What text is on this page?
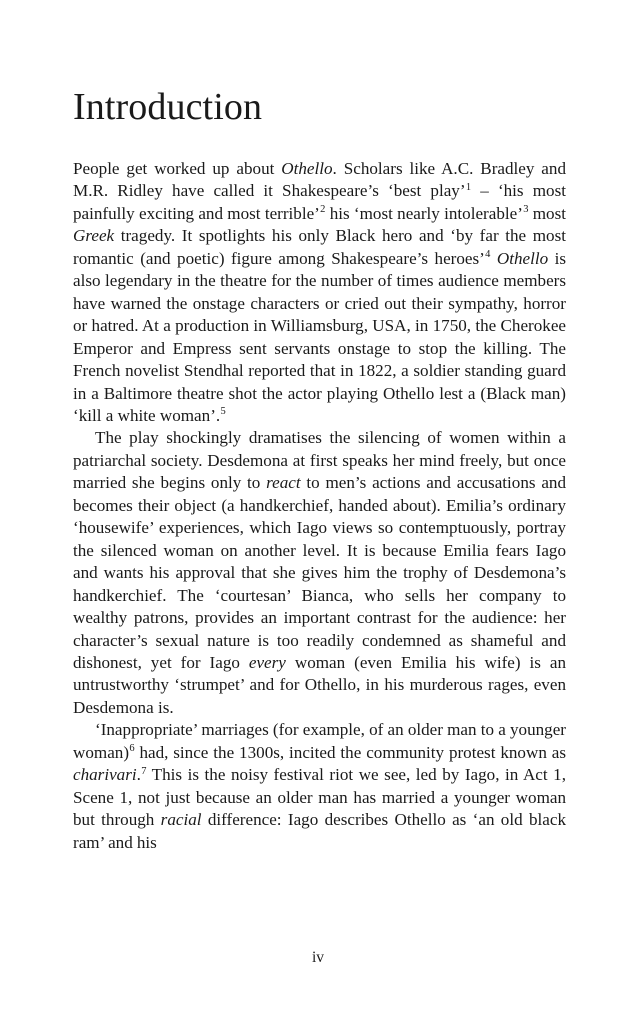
Introduction

People get worked up about Othello. Scholars like A.C. Bradley and M.R. Ridley have called it Shakespeare’s ‘best play’$^1$ – ‘his most painfully exciting and most terrible’$^2$ his ‘most nearly intolerable’$^3$ most Greek tragedy. It spotlights his only Black hero and ‘by far the most romantic (and poetic) figure among Shakespeare’s heroes’$^4$ Othello is also legendary in the theatre for the number of times audience members have warned the onstage characters or cried out their sympathy, horror or hatred. At a production in Williamsburg, USA, in 1750, the Cherokee Emperor and Empress sent servants onstage to stop the killing. The French novelist Stendhal reported that in 1822, a soldier standing guard in a Baltimore theatre shot the actor playing Othello lest a (Black man) ‘kill a white woman’.$^5$

The play shockingly dramatises the silencing of women within a patriarchal society. Desdemona at first speaks her mind freely, but once married she begins only to react to men’s actions and accusations and becomes their object (a handkerchief, handed about). Emilia’s ordinary ‘housewife’ experiences, which Iago views so contemptuously, portray the silenced woman on another level. It is because Emilia fears Iago and wants his approval that she gives him the trophy of Desdemona’s handkerchief. The ‘courtesan’ Bianca, who sells her company to wealthy patrons, provides an important contrast for the audience: her character’s sexual nature is too readily condemned as shameful and dishonest, yet for Iago every woman (even Emilia his wife) is an untrustworthy ‘strumpet’ and for Othello, in his murderous rages, even Desdemona is.

‘Inappropriate’ marriages (for example, of an older man to a younger woman)$^6$ had, since the 1300s, incited the community protest known as charivari.$^7$ This is the noisy festival riot we see, led by Iago, in Act 1, Scene 1, not just because an older man has married a younger woman but through racial difference: Iago describes Othello as ‘an old black ram’ and his

iv
